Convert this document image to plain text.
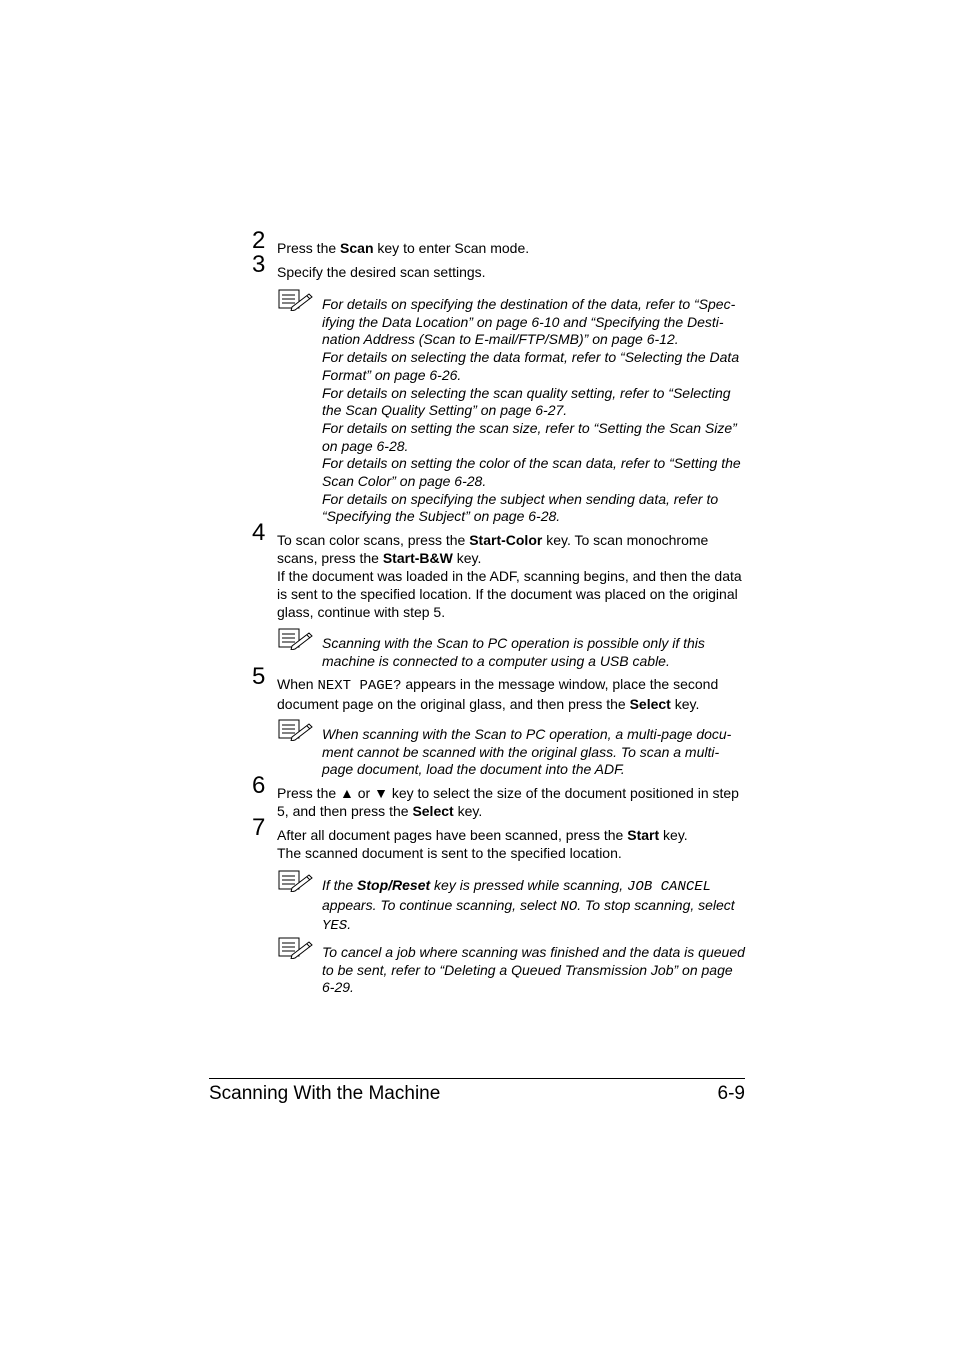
2 Press the Scan key to enter Scan mode.
3 Specify the desired scan settings.

For details on specifying the destination of the data, refer to “Spec-ifying the Data Location” on page 6-10 and “Specifying the Desti-nation Address (Scan to E-mail/FTP/SMB)” on page 6-12.

For details on selecting the data format, refer to “Selecting the Data Format” on page 6-26.

For details on selecting the scan quality setting, refer to “Selecting the Scan Quality Setting” on page 6-27.

For details on setting the scan size, refer to “Setting the Scan Size” on page 6-28.

For details on setting the color of the scan data, refer to “Setting the Scan Color” on page 6-28.

For details on specifying the subject when sending data, refer to “Specifying the Subject” on page 6-28.

4 To scan color scans, press the Start-Color key. To scan monochrome scans, press the Start-B&W key.

If the document was loaded in the ADF, scanning begins, and then the data is sent to the specified location. If the document was placed on the original glass, continue with step 5.

Scanning with the Scan to PC operation is possible only if this machine is connected to a computer using a USB cable.

5 When NEXT PAGE? appears in the message window, place the second document page on the original glass, and then press the Select key.

When scanning with the Scan to PC operation, a multi-page docu-ment cannot be scanned with the original glass. To scan a multi-page document, load the document into the ADF.

6 Press the ▲ or ▼ key to select the size of the document positioned in step 5, and then press the Select key.
7 After all document pages have been scanned, press the Start key.

The scanned document is sent to the specified location.

If the Stop/Reset key is pressed while scanning, JOB CANCEL appears. To continue scanning, select NO. To stop scanning, select YES.

To cancel a job where scanning was finished and the data is queued to be sent, refer to “Deleting a Queued Transmission Job” on page 6-29.

Scanning With the Machine	6-9
